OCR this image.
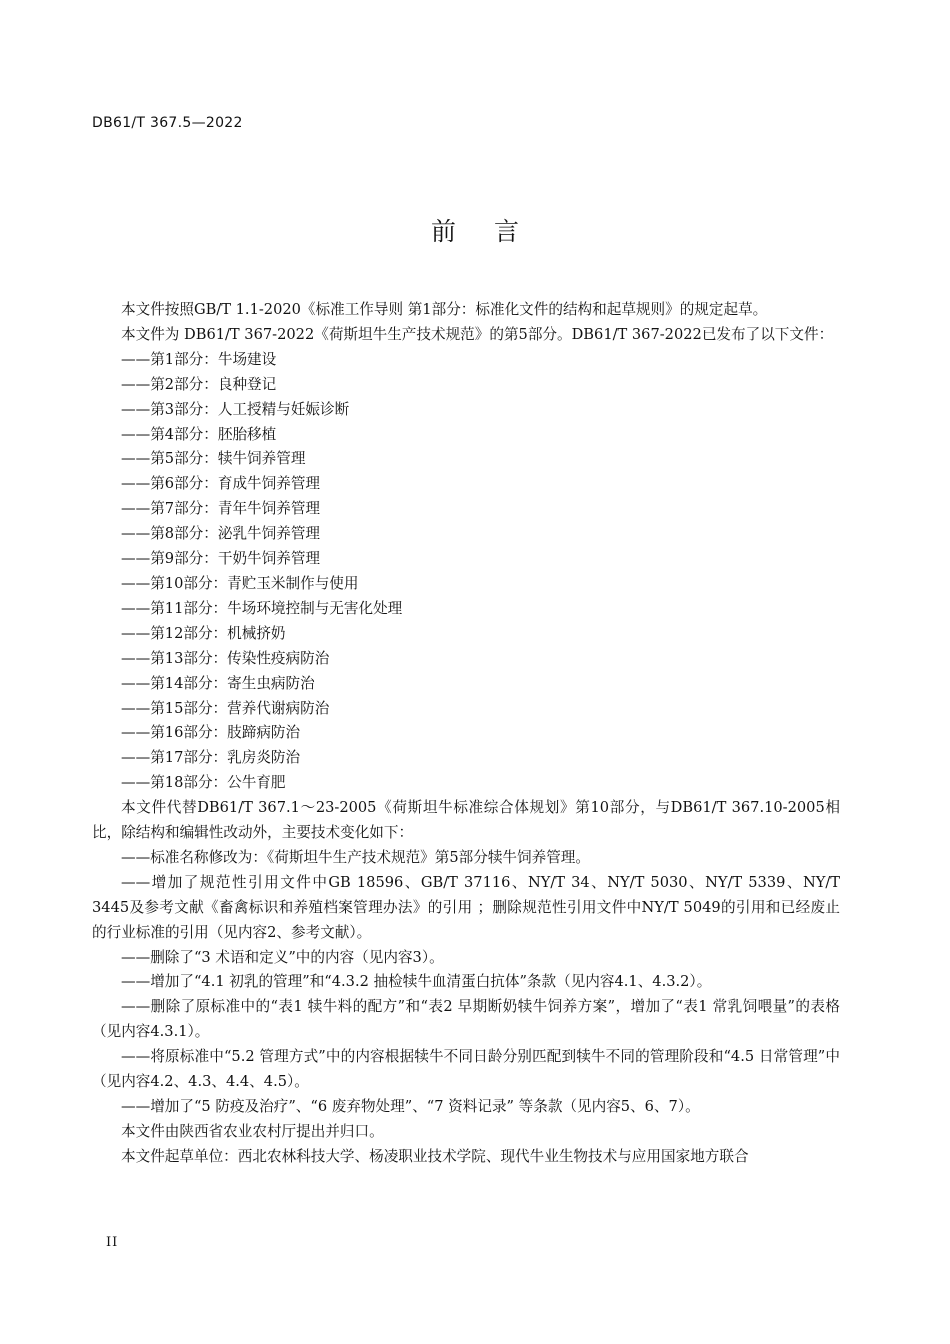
DB61/T 367.5—2022
前言

本文件按照GB/T 1.1-2020《标准工作导则 第1部分：标准化文件的结构和起草规则》的规定起草。

本文件为 DB61/T 367-2022《荷斯坦牛生产技术规范》的第5部分。DB61/T 367-2022已发布了以下文件：

——第1部分：牛场建设

——第2部分：良种登记

——第3部分：人工授精与妊娠诊断

——第4部分：胚胎移植

——第5部分：犊牛饲养管理

——第6部分：育成牛饲养管理

——第7部分：青年牛饲养管理

——第8部分：泌乳牛饲养管理

——第9部分：干奶牛饲养管理

——第10部分：青贮玉米制作与使用

——第11部分：牛场环境控制与无害化处理

——第12部分：机械挤奶

——第13部分：传染性疫病防治

——第14部分：寄生虫病防治

——第15部分：营养代谢病防治

——第16部分：肢蹄病防治

——第17部分：乳房炎防治

——第18部分：公牛育肥

本文件代替DB61/T 367.1～23-2005《荷斯坦牛标准综合体规划》第10部分，与DB61/T 367.10-2005相比，除结构和编辑性改动外，主要技术变化如下：

——标准名称修改为：《荷斯坦牛生产技术规范》第5部分犊牛饲养管理。

——增加了规范性引用文件中GB 18596、GB/T 37116、NY/T 34、NY/T 5030、NY/T 5339、NY/T 3445及参考文献《畜禽标识和养殖档案管理办法》的引用 ；删除规范性引用文件中NY/T 5049的引用和已经废止的行业标准的引用（见内容2、参考文献）。

——删除了“3 术语和定义”中的内容（见内容3）。

——增加了“4.1 初乳的管理”和“4.3.2 抽检犊牛血清蛋白抗体”条款（见内容4.1、4.3.2）。

——删除了原标准中的“表1 犊牛料的配方”和“表2 早期断奶犊牛饲养方案”，增加了“表1 常乳饲喂量”的表格（见内容4.3.1）。

——将原标准中“5.2 管理方式”中的内容根据犊牛不同日龄分别匹配到犊牛不同的管理阶段和“4.5 日常管理”中（见内容4.2、4.3、4.4、4.5）。

——增加了“5 防疫及治疗”、“6 废弃物处理”、“7 资料记录” 等条款（见内容5、6、7）。

本文件由陕西省农业农村厅提出并归口。

本文件起草单位：西北农林科技大学、杨凌职业技术学院、现代牛业生物技术与应用国家地方联合

II
